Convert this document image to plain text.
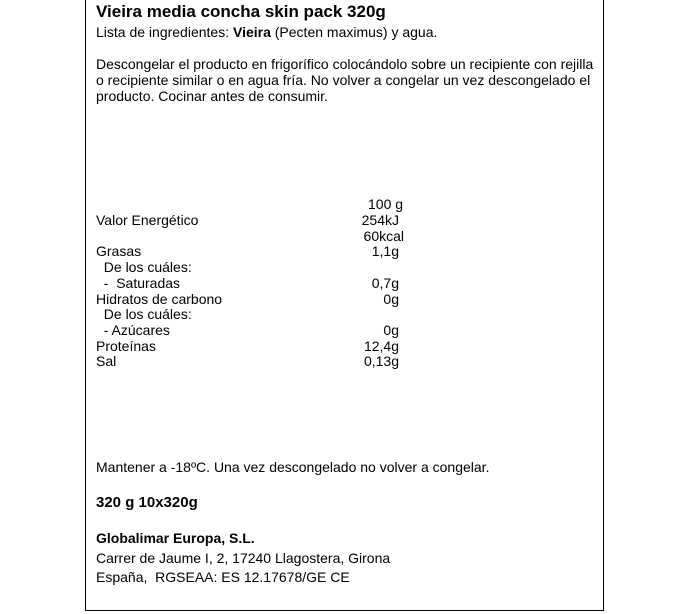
Vieira media concha skin pack 320g
Lista de ingredientes: Vieira (Pecten maximus) y agua.
Descongelar el producto en frigorífico colocándolo sobre un recipiente con rejilla o recipiente similar o en agua fría. No volver a congelar un vez descongelado el producto. Cocinar antes de consumir.
100 g
Valor Energético	254kJ
60kcal
Grasas	1,1g
De los cuáles:
-  Saturadas	0,7g
Hidratos de carbono	0g
De los cuáles:
- Azúcares	0g
Proteínas	12,4g
Sal	0,13g
Mantener a -18ºC. Una vez descongelado no volver a congelar.
320 g 10x320g
Globalimar Europa, S.L.
Carrer de Jaume I, 2, 17240 Llagostera, Girona
España,  RGSEAA: ES 12.17678/GE CE
